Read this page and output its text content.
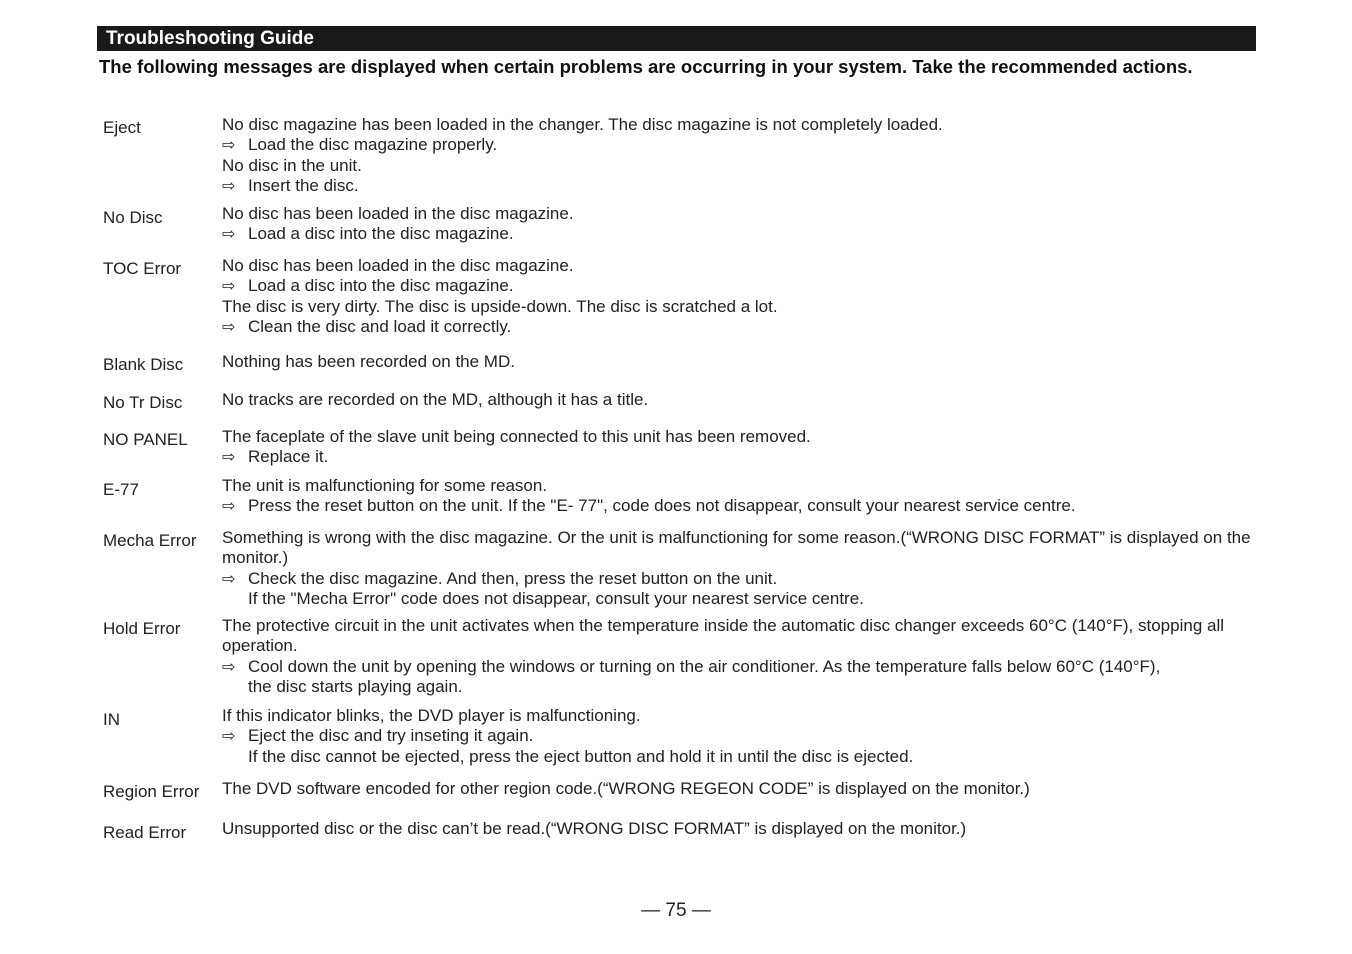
Troubleshooting Guide
The following messages are displayed when certain problems are occurring in your system. Take the recommended actions.
Eject	No disc magazine has been loaded in the changer. The disc magazine is not completely loaded.
⇨ Load the disc magazine properly.
No disc in the unit.
⇨ Insert the disc.
No Disc	No disc has been loaded in the disc magazine.
⇨ Load a disc into the disc magazine.
TOC Error	No disc has been loaded in the disc magazine.
⇨ Load a disc into the disc magazine.
The disc is very dirty. The disc is upside-down. The disc is scratched a lot.
⇨ Clean the disc and load it correctly.
Blank Disc	Nothing has been recorded on the MD.
No Tr Disc	No tracks are recorded on the MD, although it has a title.
NO PANEL	The faceplate of the slave unit being connected to this unit has been removed.
⇨ Replace it.
E-77	The unit is malfunctioning for some reason.
⇨ Press the reset button on the unit. If the "E- 77", code does not disappear, consult your nearest service centre.
Mecha Error	Something is wrong with the disc magazine. Or the unit is malfunctioning for some reason.(“WRONG DISC FORMAT” is displayed on the monitor.)
⇨ Check the disc magazine. And then, press the reset button on the unit.
If the "Mecha Error" code does not disappear, consult your nearest service centre.
Hold Error	The protective circuit in the unit activates when the temperature inside the automatic disc changer exceeds 60°C (140°F), stopping all operation.
⇨ Cool down the unit by opening the windows or turning on the air conditioner. As the temperature falls below 60°C (140°F),
the disc starts playing again.
IN	If this indicator blinks, the DVD player is malfunctioning.
⇨ Eject the disc and try inseting it again.
If the disc cannot be ejected, press the eject button and hold it in until the disc is ejected.
Region Error	The DVD software encoded for other region code.(“WRONG REGEON CODE” is displayed on the monitor.)
Read Error	Unsupported disc or the disc can’t be read.(“WRONG DISC FORMAT” is displayed on the monitor.)
— 75 —
